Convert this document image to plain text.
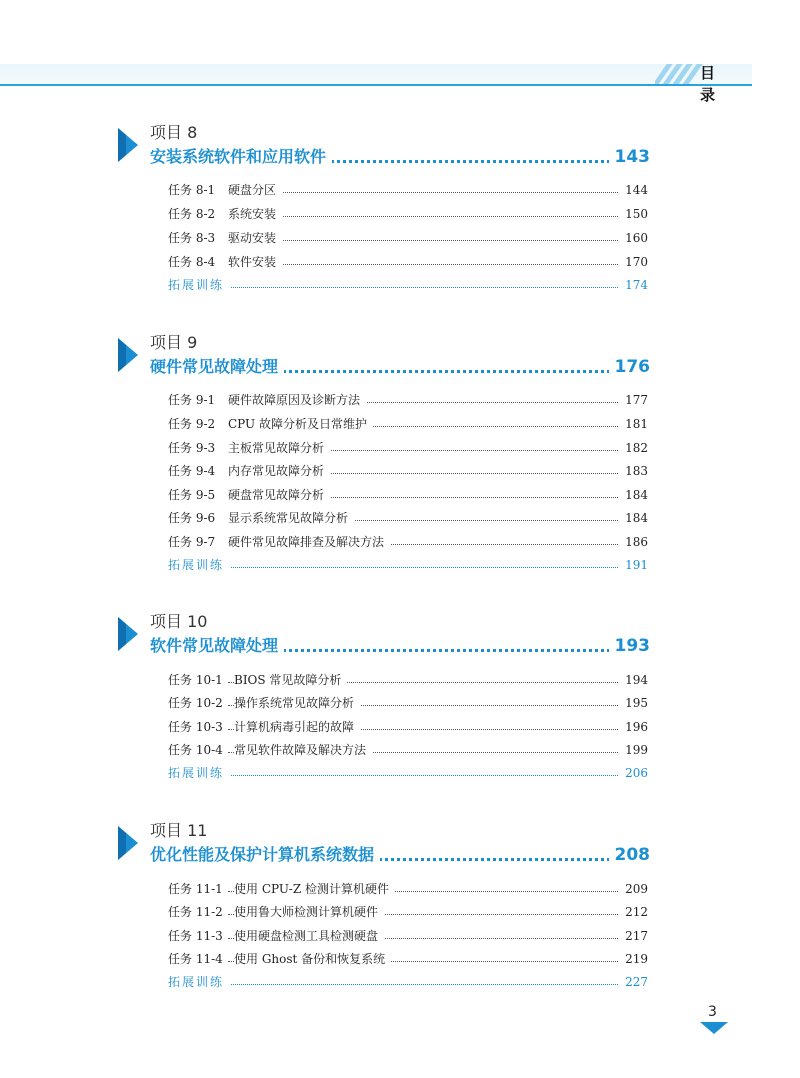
目 录
项目 8
安装系统软件和应用软件	143
任务 8-1 硬盘分区	144
任务 8-2 系统安装	150
任务 8-3 驱动安装	160
任务 8-4 软件安装	170
拓展训练	174
项目 9
硬件常见故障处理	176
任务 9-1 硬件故障原因及诊断方法	177
任务 9-2 CPU 故障分析及日常维护	181
任务 9-3 主板常见故障分析	182
任务 9-4 内存常见故障分析	183
任务 9-5 硬盘常见故障分析	184
任务 9-6 显示系统常见故障分析	184
任务 9-7 硬件常见故障排查及解决方法	186
拓展训练	191
项目 10
软件常见故障处理	193
任务 10-1 BIOS 常见故障分析	194
任务 10-2 操作系统常见故障分析	195
任务 10-3 计算机病毒引起的故障	196
任务 10-4 常见软件故障及解决方法	199
拓展训练	206
项目 11
优化性能及保护计算机系统数据	208
任务 11-1 使用 CPU-Z 检测计算机硬件	209
任务 11-2 使用鲁大师检测计算机硬件	212
任务 11-3 使用硬盘检测工具检测硬盘	217
任务 11-4 使用 Ghost 备份和恢复系统	219
拓展训练	227
3
